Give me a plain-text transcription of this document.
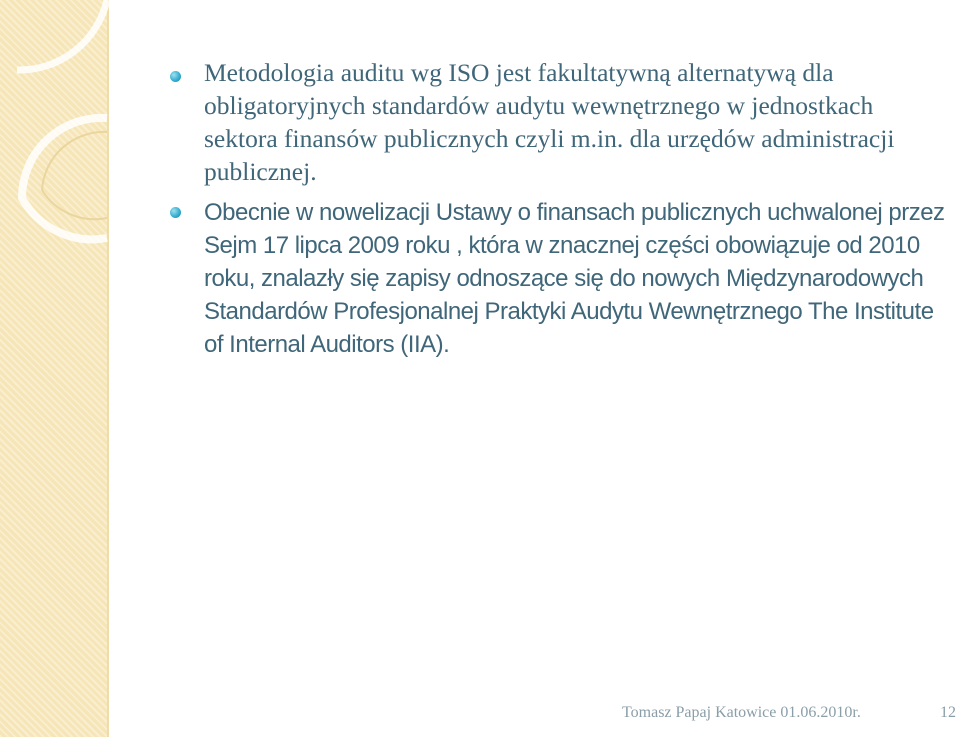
Metodologia auditu wg ISO jest fakultatywną alternatywą dla obligatoryjnych standardów audytu wewnętrznego w jednostkach sektora finansów publicznych czyli m.in. dla urzędów administracji publicznej.
Obecnie w nowelizacji Ustawy o finansach publicznych uchwalonej przez Sejm 17 lipca 2009 roku , która w znacznej części obowiązuje od 2010 roku, znalazły się zapisy odnoszące się do nowych Międzynarodowych Standardów Profesjonalnej Praktyki Audytu Wewnętrznego The Institute of Internal Auditors (IIA).
Tomasz Papaj Katowice 01.06.2010r.	12
